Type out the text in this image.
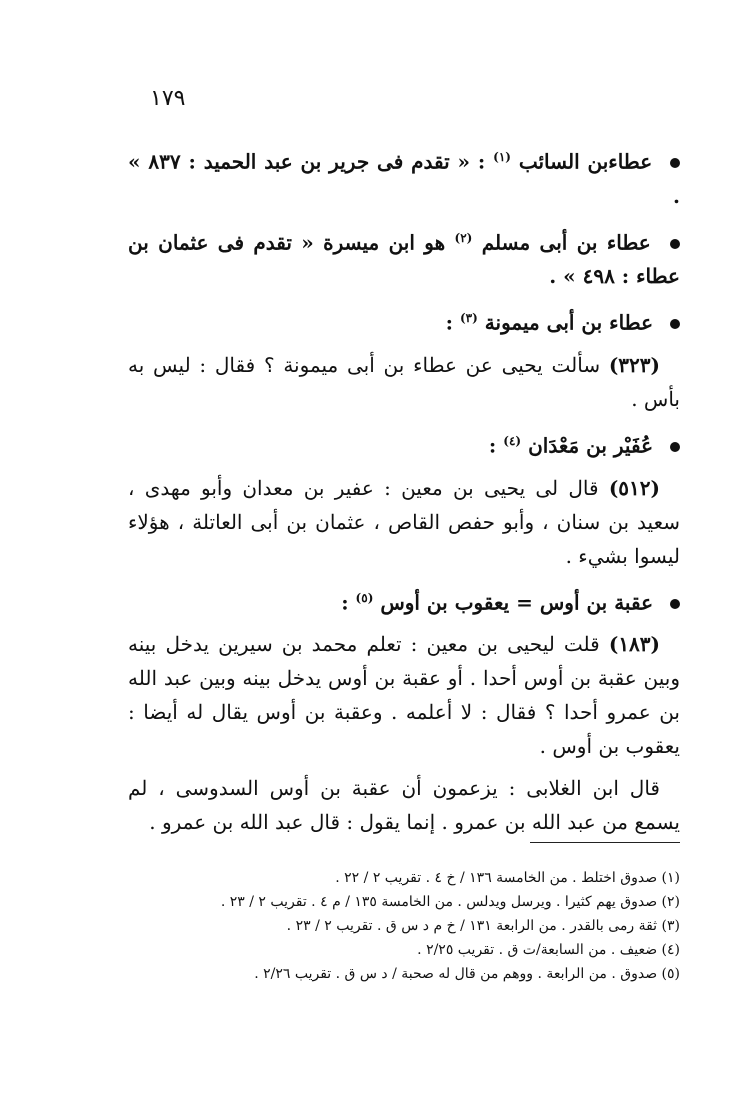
١٧٩

عطاءبن السائب $^{(١)}$ : « تقدم فى جرير بن عبد الحميد : ٨٣٧ » .

عطاء بن أبى مسلم $^{(٢)}$ هو ابن ميسرة « تقدم فى عثمان بن عطاء : ٤٩٨ » .

عطاء بن أبى ميمونة $^{(٣)}$ :

(٣٢٣) سألت يحيى عن عطاء بن أبى ميمونة ؟ فقال : ليس به بأس .

عُفَيْر بن مَعْدَان $^{(٤)}$ :

(٥١٢) قال لى يحيى بن معين : عفير بن معدان وأبو مهدى ، سعيد بن سنان ، وأبو حفص القاص ، عثمان بن أبى العاتلة ، هؤلاء ليسوا بشيء .

عقبة بن أوس = يعقوب بن أوس $^{(٥)}$ :

(١٨٣) قلت ليحيى بن معين : تعلم محمد بن سيرين يدخل بينه وبين عقبة بن أوس أحدا . أو عقبة بن أوس يدخل بينه وبين عبد الله بن عمرو أحدا ؟ فقال : لا أعلمه . وعقبة بن أوس يقال له أيضا : يعقوب بن أوس .

قال ابن الغلابى : يزعمون أن عقبة بن أوس السدوسى ، لم يسمع من عبد الله بن عمرو . إنما يقول : قال عبد الله بن عمرو .

(١) صدوق اختلط . من الخامسة ١٣٦ / خ ٤ . تقريب ٢ / ٢٢ .

(٢) صدوق يهم كثيرا . ويرسل ويدلس . من الخامسة ١٣٥ / م ٤ . تقريب ٢ / ٢٣ .

(٣) ثقة رمى بالقدر . من الرابعة ١٣١ / خ م د س ق . تقريب ٢ / ٢٣ .

(٤) ضعيف . من السابعة/ت ق . تقريب ٢/٢٥ .

(٥) صدوق . من الرابعة . ووهم من قال له صحبة / د س ق . تقريب ٢/٢٦ .
